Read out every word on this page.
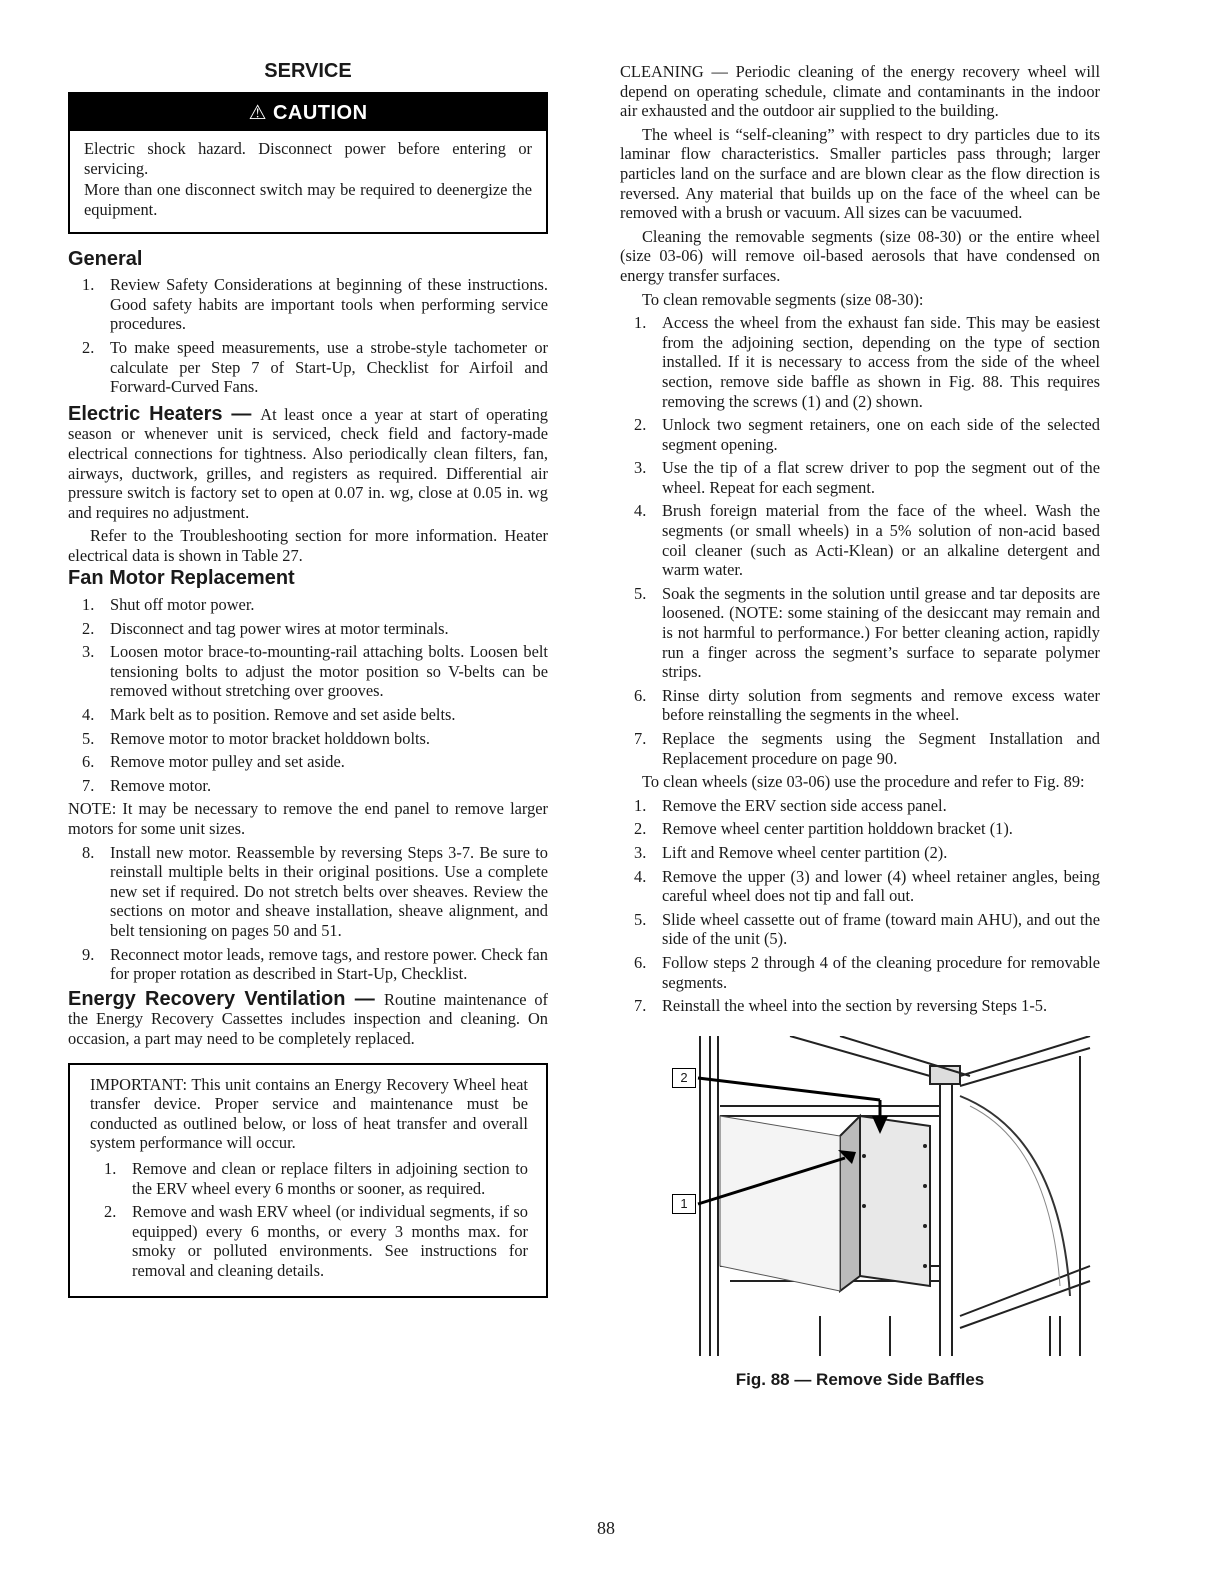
SERVICE
⚠ CAUTION

Electric shock hazard. Disconnect power before entering or servicing.

More than one disconnect switch may be required to deenergize the equipment.

General
1. Review Safety Considerations at beginning of these instructions. Good safety habits are important tools when performing service procedures.
2. To make speed measurements, use a strobe-style tachometer or calculate per Step 7 of Start-Up, Checklist for Airfoil and Forward-Curved Fans.

Electric Heaters — At least once a year at start of operating season or whenever unit is serviced, check field and factory-made electrical connections for tightness. Also periodically clean filters, fan, airways, ductwork, grilles, and registers as required. Differential air pressure switch is factory set to open at 0.07 in. wg, close at 0.05 in. wg and requires no adjustment.

Refer to the Troubleshooting section for more information. Heater electrical data is shown in Table 27.

Fan Motor Replacement
1. Shut off motor power.
2. Disconnect and tag power wires at motor terminals.
3. Loosen motor brace-to-mounting-rail attaching bolts. Loosen belt tensioning bolts to adjust the motor position so V-belts can be removed without stretching over grooves.
4. Mark belt as to position. Remove and set aside belts.
5. Remove motor to motor bracket holddown bolts.
6. Remove motor pulley and set aside.
7. Remove motor.

NOTE: It may be necessary to remove the end panel to remove larger motors for some unit sizes.

8. Install new motor. Reassemble by reversing Steps 3-7. Be sure to reinstall multiple belts in their original positions. Use a complete new set if required. Do not stretch belts over sheaves. Review the sections on motor and sheave installation, sheave alignment, and belt tensioning on pages 50 and 51.
9. Reconnect motor leads, remove tags, and restore power. Check fan for proper rotation as described in Start-Up, Checklist.

Energy Recovery Ventilation — Routine maintenance of the Energy Recovery Cassettes includes inspection and cleaning. On occasion, a part may need to be completely replaced.

IMPORTANT: This unit contains an Energy Recovery Wheel heat transfer device. Proper service and maintenance must be conducted as outlined below, or loss of heat transfer and overall system performance will occur.

1. Remove and clean or replace filters in adjoining section to the ERV wheel every 6 months or sooner, as required.
2. Remove and wash ERV wheel (or individual segments, if so equipped) every 6 months, or every 3 months max. for smoky or polluted environments. See instructions for removal and cleaning details.

CLEANING — Periodic cleaning of the energy recovery wheel will depend on operating schedule, climate and contaminants in the indoor air exhausted and the outdoor air supplied to the building.

The wheel is “self-cleaning” with respect to dry particles due to its laminar flow characteristics. Smaller particles pass through; larger particles land on the surface and are blown clear as the flow direction is reversed. Any material that builds up on the face of the wheel can be removed with a brush or vacuum. All sizes can be vacuumed.

Cleaning the removable segments (size 08-30) or the entire wheel (size 03-06) will remove oil-based aerosols that have condensed on energy transfer surfaces.

To clean removable segments (size 08-30):

1. Access the wheel from the exhaust fan side. This may be easiest from the adjoining section, depending on the type of section installed. If it is necessary to access from the side of the wheel section, remove side baffle as shown in Fig. 88. This requires removing the screws (1) and (2) shown.
2. Unlock two segment retainers, one on each side of the selected segment opening.
3. Use the tip of a flat screw driver to pop the segment out of the wheel. Repeat for each segment.
4. Brush foreign material from the face of the wheel. Wash the segments (or small wheels) in a 5% solution of non-acid based coil cleaner (such as Acti-Klean) or an alkaline detergent and warm water.
5. Soak the segments in the solution until grease and tar deposits are loosened. (NOTE: some staining of the desiccant may remain and is not harmful to performance.) For better cleaning action, rapidly run a finger across the segment’s surface to separate polymer strips.
6. Rinse dirty solution from segments and remove excess water before reinstalling the segments in the wheel.
7. Replace the segments using the Segment Installation and Replacement procedure on page 90.

To clean wheels (size 03-06) use the procedure and refer to Fig. 89:

1. Remove the ERV section side access panel.
2. Remove wheel center partition holddown bracket (1).
3. Lift and Remove wheel center partition (2).
4. Remove the upper (3) and lower (4) wheel retainer angles, being careful wheel does not tip and fall out.
5. Slide wheel cassette out of frame (toward main AHU), and out the side of the unit (5).
6. Follow steps 2 through 4 of the cleaning procedure for removable segments.
7. Reinstall the wheel into the section by reversing Steps 1-5.
2
1
Fig. 88 — Remove Side Baffles
88
